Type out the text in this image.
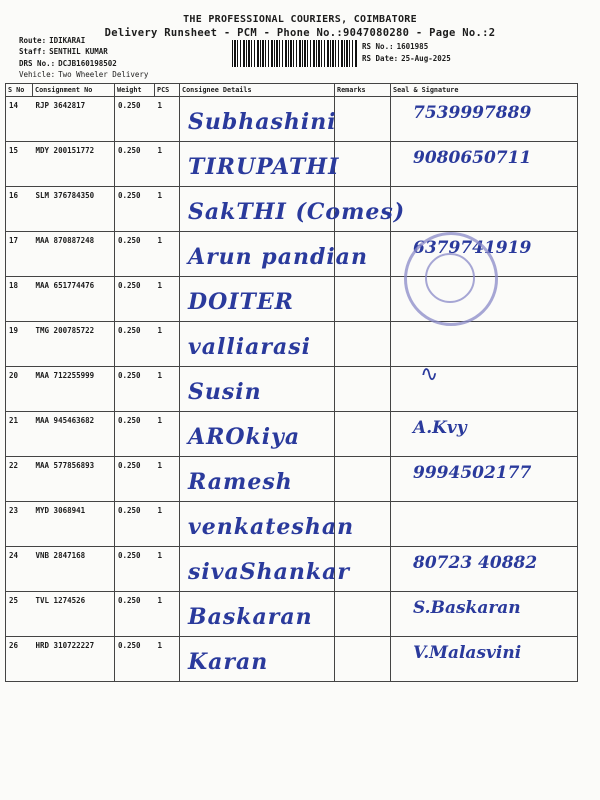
THE PROFESSIONAL COURIERS, COIMBATORE
Delivery Runsheet - PCM - Phone No.:9047080280 - Page No.:2
Route: IDIKARAI
Staff: SENTHIL KUMAR
DRS No.: DCJB160198502
Vehicle: Two Wheeler Delivery
RS No.: 1601985
RS Date: 25-Aug-2025
S No	Consignment No	Weight	PCS	Consignee Details	Remarks	Seal & Signature
14	RJP 3642817	0.250	1	Subhashini		7539997889

15	MDY 200151772	0.250	1	TIRUPATHI		9080650711

16	SLM 376784350	0.250	1	SakTHI (Comes)		

17	MAA 870887248	0.250	1	Arun pandian		6379741919

18	MAA 651774476	0.250	1	DOITER		

19	TMG 200785722	0.250	1	valliarasi		

20	MAA 712255999	0.250	1	Susin		

21	MAA 945463682	0.250	1	AROkiya		A.Kvy

22	MAA 577856893	0.250	1	Ramesh		9994502177

23	MYD 3068941	0.250	1	venkateshan		

24	VNB 2847168	0.250	1	sivaShankar		80723 40882

25	TVL 1274526	0.250	1	Baskaran		S.Baskaran

26	HRD 310722227	0.250	1	Karan		V.Malasvini
∿
